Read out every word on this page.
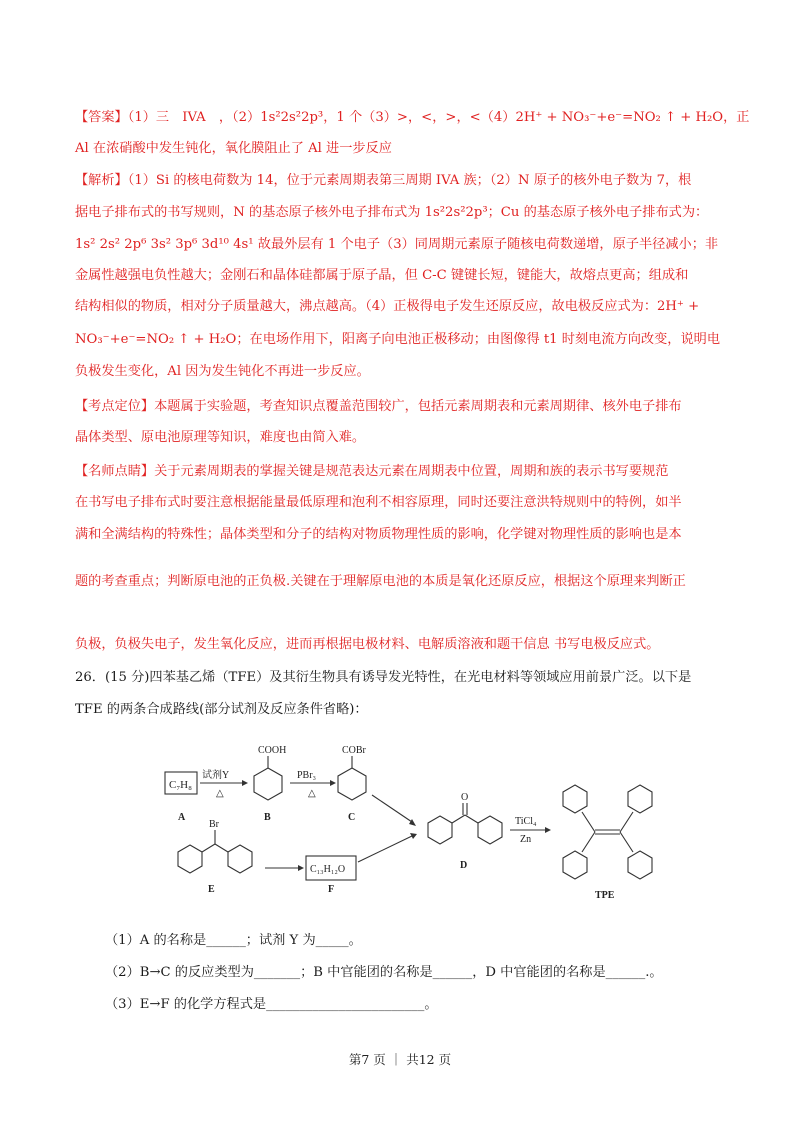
【答案】（1）三　IVA　，（2）1s²2s²2p³，1 个（3）>，<，>，<（4）2H⁺ + NO₃⁻+e⁻=NO₂ ↑ + H₂O，正
Al 在浓硝酸中发生钝化，氧化膜阻止了 Al 进一步反应
【解析】（1）Si 的核电荷数为 14，位于元素周期表第三周期 IVA 族；（2）N 原子的核外电子数为 7，根
据电子排布式的书写规则，N 的基态原子核外电子排布式为 1s²2s²2p³；Cu 的基态原子核外电子排布式为：
1s² 2s² 2p⁶ 3s² 3p⁶ 3d¹⁰ 4s¹ 故最外层有 1 个电子（3）同周期元素原子随核电荷数递增，原子半径减小；非
金属性越强电负性越大；金刚石和晶体硅都属于原子晶，但 C-C 键键长短，键能大，故熔点更高；组成和
结构相似的物质，相对分子质量越大，沸点越高。（4）正极得电子发生还原反应，故电极反应式为：2H⁺ +
NO₃⁻+e⁻=NO₂ ↑ + H₂O；在电场作用下，阳离子向电池正极移动；由图像得 t1 时刻电流方向改变，说明电
负极发生变化，Al 因为发生钝化不再进一步反应。
【考点定位】本题属于实验题，考查知识点覆盖范围较广，包括元素周期表和元素周期律、核外电子排布
晶体类型、原电池原理等知识，难度也由简入难。
【名师点睛】关于元素周期表的掌握关键是规范表达元素在周期表中位置，周期和族的表示书写要规范
在书写电子排布式时要注意根据能量最低原理和泡利不相容原理，同时还要注意洪特规则中的特例，如半
满和全满结构的特殊性；晶体类型和分子的结构对物质物理性质的影响，化学键对物理性质的影响也是本
题的考查重点；判断原电池的正负极.关键在于理解原电池的本质是氧化还原反应，根据这个原理来判断正
负极，负极失电子，发生氧化反应，进而再根据电极材料、电解质溶液和题干信息 书写电极反应式。
26．(15 分)四苯基乙烯（TFE）及其衍生物具有诱导发光特性，在光电材料等领域应用前景广泛。以下是
TFE 的两条合成路线(部分试剂及反应条件省略)：
C₇H₈
试剂Y
△
COOH
PBr₃
△
COBr
A	B	C
Br
E
C₁₃H₁₂O
F
O
D
TiCl₄
Zn
TPE
（1）A 的名称是______；试剂 Y 为_____。
（2）B→C 的反应类型为_______；B 中官能团的名称是______，D 中官能团的名称是______.。
（3）E→F 的化学方程式是________________________。
第7 页 ｜ 共12 页
